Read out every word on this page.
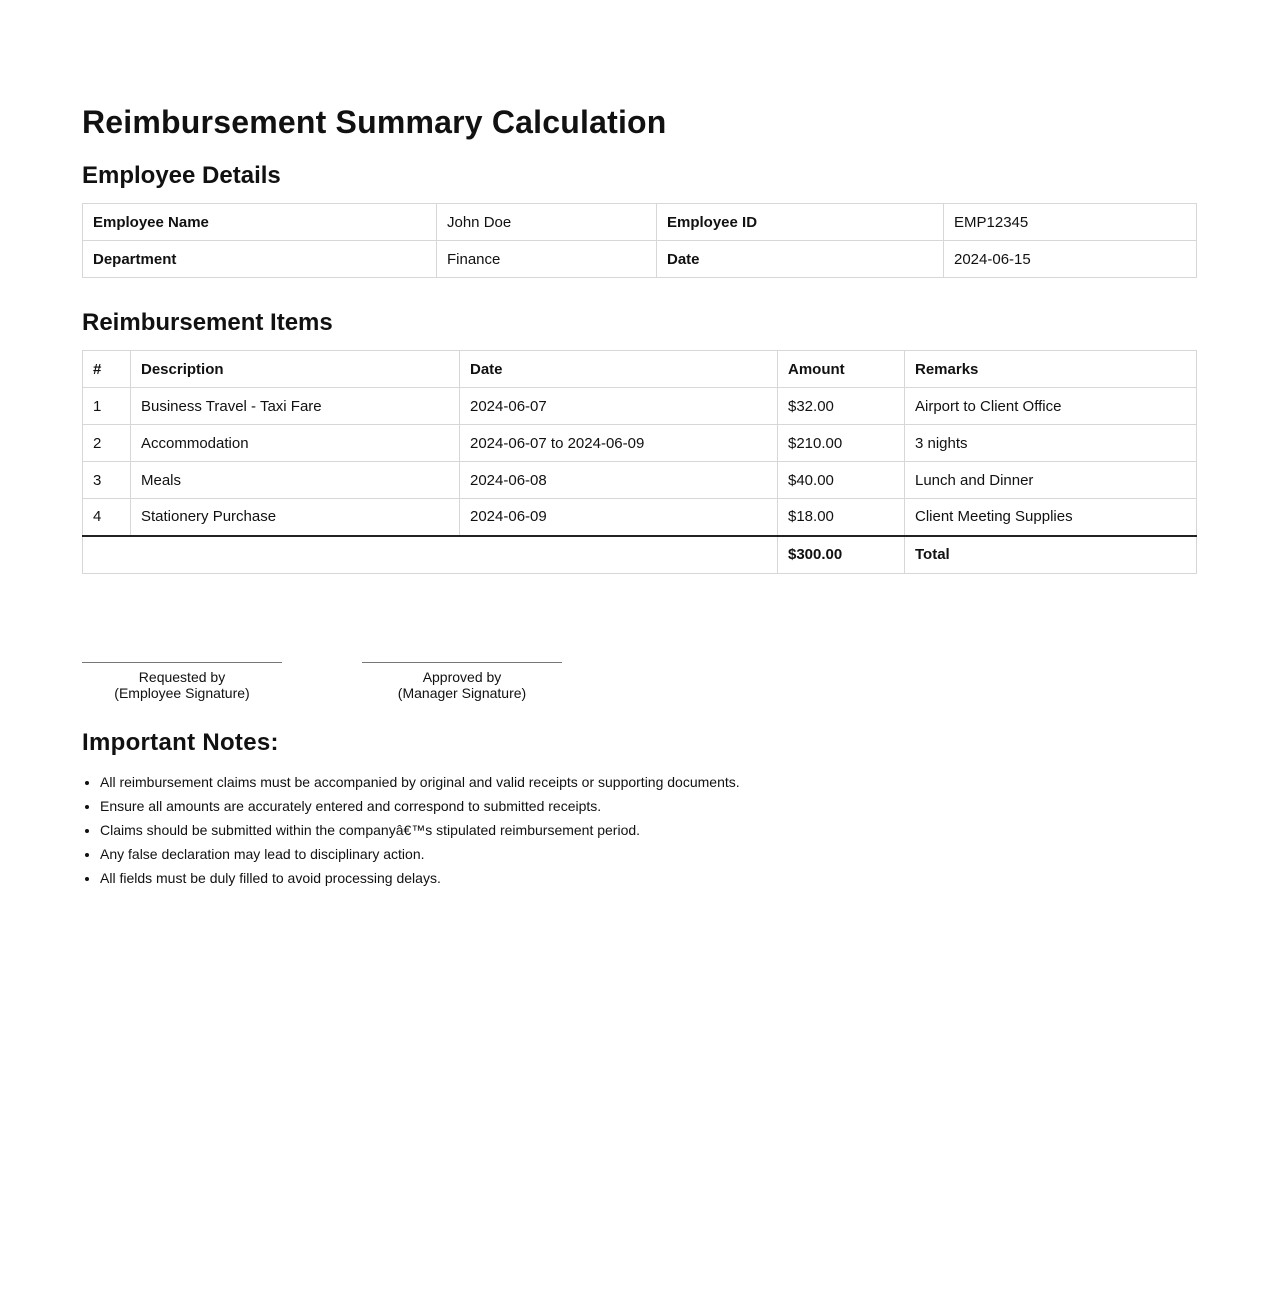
Reimbursement Summary Calculation
Employee Details
Employee Name	John Doe	Employee ID	EMP12345
Department	Finance	Date	2024-06-15
Reimbursement Items
#	Description	Date	Amount	Remarks
1	Business Travel - Taxi Fare	2024-06-07	$32.00	Airport to Client Office
2	Accommodation	2024-06-07 to 2024-06-09	$210.00	3 nights
3	Meals	2024-06-08	$40.00	Lunch and Dinner
4	Stationery Purchase	2024-06-09	$18.00	Client Meeting Supplies
			$300.00	Total
Requested by
(Employee Signature)
Approved by
(Manager Signature)
Important Notes:
• All reimbursement claims must be accompanied by original and valid receipts or supporting documents.
• Ensure all amounts are accurately entered and correspond to submitted receipts.
• Claims should be submitted within the companyâ€™s stipulated reimbursement period.
• Any false declaration may lead to disciplinary action.
• All fields must be duly filled to avoid processing delays.
